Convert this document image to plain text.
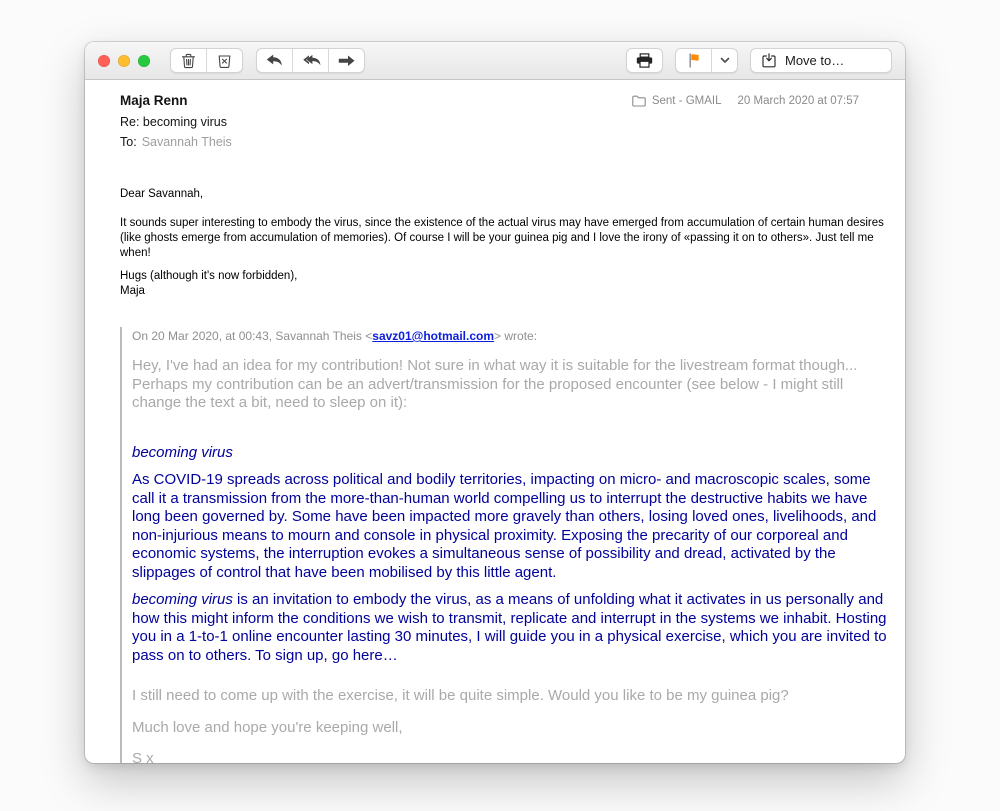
Move to…
Maja Renn
Re: becoming virus
To: Savannah Theis
Sent - GMAIL 20 March 2020 at 07:57

Dear Savannah,

It sounds super interesting to embody the virus, since the existence of the actual virus may have emerged from accumulation of certain human desires (like ghosts emerge from accumulation of memories). Of course I will be your guinea pig and I love the irony of «passing it on to others». Just tell me when!

Hugs (although it's now forbidden),

Maja

On 20 Mar 2020, at 00:43, Savannah Theis <savz01@hotmail.com> wrote:

Hey, I've had an idea for my contribution! Not sure in what way it is suitable for the livestream format though... Perhaps my contribution can be an advert/transmission for the proposed encounter (see below - I might still change the text a bit, need to sleep on it):

becoming virus

As COVID-19 spreads across political and bodily territories, impacting on micro- and macroscopic scales, some call it a transmission from the more-than-human world compelling us to interrupt the destructive habits we have long been governed by. Some have been impacted more gravely than others, losing loved ones, livelihoods, and non-injurious means to mourn and console in physical proximity. Exposing the precarity of our corporeal and economic systems, the interruption evokes a simultaneous sense of possibility and dread, activated by the slippages of control that have been mobilised by this little agent.

becoming virus is an invitation to embody the virus, as a means of unfolding what it activates in us personally and how this might inform the conditions we wish to transmit, replicate and interrupt in the systems we inhabit. Hosting you in a 1-to-1 online encounter lasting 30 minutes, I will guide you in a physical exercise, which you are invited to pass on to others. To sign up, go here…

I still need to come up with the exercise, it will be quite simple. Would you like to be my guinea pig?

Much love and hope you're keeping well,

S x
